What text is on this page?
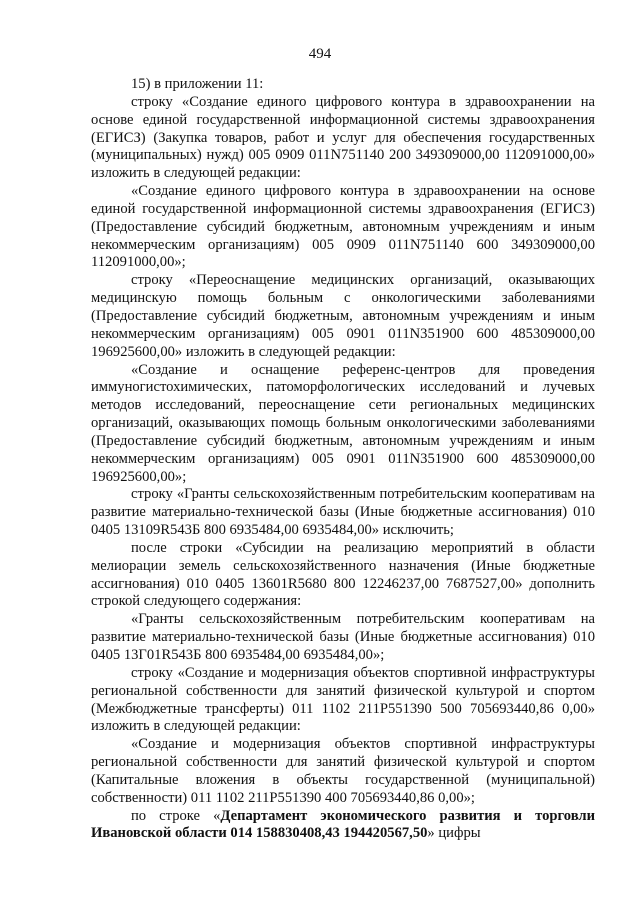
494

15) в приложении 11:

строку «Создание единого цифрового контура в здравоохранении на основе единой государственной информационной системы здравоохранения (ЕГИСЗ) (Закупка товаров, работ и услуг для обеспечения государственных (муниципальных) нужд) 005 0909 011N751140 200 349309000,00 112091000,00» изложить в следующей редакции:

«Создание единого цифрового контура в здравоохранении на основе единой государственной информационной системы здравоохранения (ЕГИСЗ) (Предоставление субсидий бюджетным, автономным учреждениям и иным некоммерческим организациям) 005 0909 011N751140 600 349309000,00 112091000,00»;

строку «Переоснащение медицинских организаций, оказывающих медицинскую помощь больным с онкологическими заболеваниями (Предоставление субсидий бюджетным, автономным учреждениям и иным некоммерческим организациям) 005 0901 011N351900 600 485309000,00 196925600,00» изложить в следующей редакции:

«Создание и оснащение референс-центров для проведения иммуногистохимических, патоморфологических исследований и лучевых методов исследований, переоснащение сети региональных медицинских организаций, оказывающих помощь больным онкологическими заболеваниями (Предоставление субсидий бюджетным, автономным учреждениям и иным некоммерческим организациям) 005 0901 011N351900 600 485309000,00 196925600,00»;

строку «Гранты сельскохозяйственным потребительским кооперативам на развитие материально-технической базы (Иные бюджетные ассигнования) 010 0405 13109R543Б 800 6935484,00 6935484,00» исключить;

после строки «Субсидии на реализацию мероприятий в области мелиорации земель сельскохозяйственного назначения (Иные бюджетные ассигнования) 010 0405 13601R5680 800 12246237,00 7687527,00» дополнить строкой следующего содержания:

«Гранты сельскохозяйственным потребительским кооперативам на развитие материально-технической базы (Иные бюджетные ассигнования) 010 0405 13Г01R543Б 800 6935484,00 6935484,00»;

строку «Создание и модернизация объектов спортивной инфраструктуры региональной собственности для занятий физической культурой и спортом (Межбюджетные трансферты) 011 1102 211P551390 500 705693440,86 0,00» изложить в следующей редакции:

«Создание и модернизация объектов спортивной инфраструктуры региональной собственности для занятий физической культурой и спортом (Капитальные вложения в объекты государственной (муниципальной) собственности) 011 1102 211P551390 400 705693440,86 0,00»;

по строке «Департамент экономического развития и торговли Ивановской области 014 158830408,43 194420567,50» цифры
